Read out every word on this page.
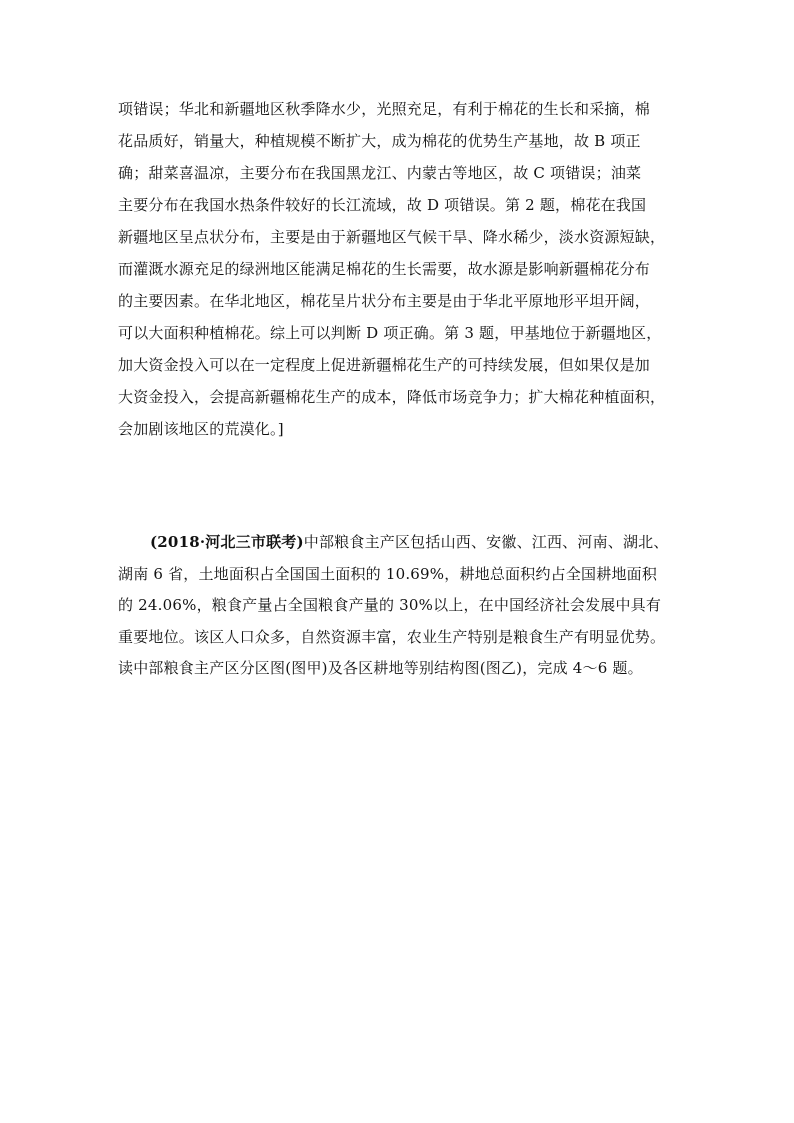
项错误；华北和新疆地区秋季降水少，光照充足，有利于棉花的生长和采摘，棉
花品质好，销量大，种植规模不断扩大，成为棉花的优势生产基地，故 B 项正
确；甜菜喜温凉，主要分布在我国黑龙江、内蒙古等地区，故 C 项错误；油菜
主要分布在我国水热条件较好的长江流域，故 D 项错误。第 2 题，棉花在我国
新疆地区呈点状分布，主要是由于新疆地区气候干旱、降水稀少，淡水资源短缺，
而灌溉水源充足的绿洲地区能满足棉花的生长需要，故水源是影响新疆棉花分布
的主要因素。在华北地区，棉花呈片状分布主要是由于华北平原地形平坦开阔，
可以大面积种植棉花。综上可以判断 D 项正确。第 3 题，甲基地位于新疆地区，
加大资金投入可以在一定程度上促进新疆棉花生产的可持续发展，但如果仅是加
大资金投入，会提高新疆棉花生产的成本，降低市场竞争力；扩大棉花种植面积，
会加剧该地区的荒漠化。]
(2018·河北三市联考)中部粮食主产区包括山西、安徽、江西、河南、湖北、
湖南 6 省，土地面积占全国国土面积的 10.69%，耕地总面积约占全国耕地面积
的 24.06%，粮食产量占全国粮食产量的 30%以上，在中国经济社会发展中具有
重要地位。该区人口众多，自然资源丰富，农业生产特别是粮食生产有明显优势。
读中部粮食主产区分区图(图甲)及各区耕地等别结构图(图乙)，完成 4～6 题。
